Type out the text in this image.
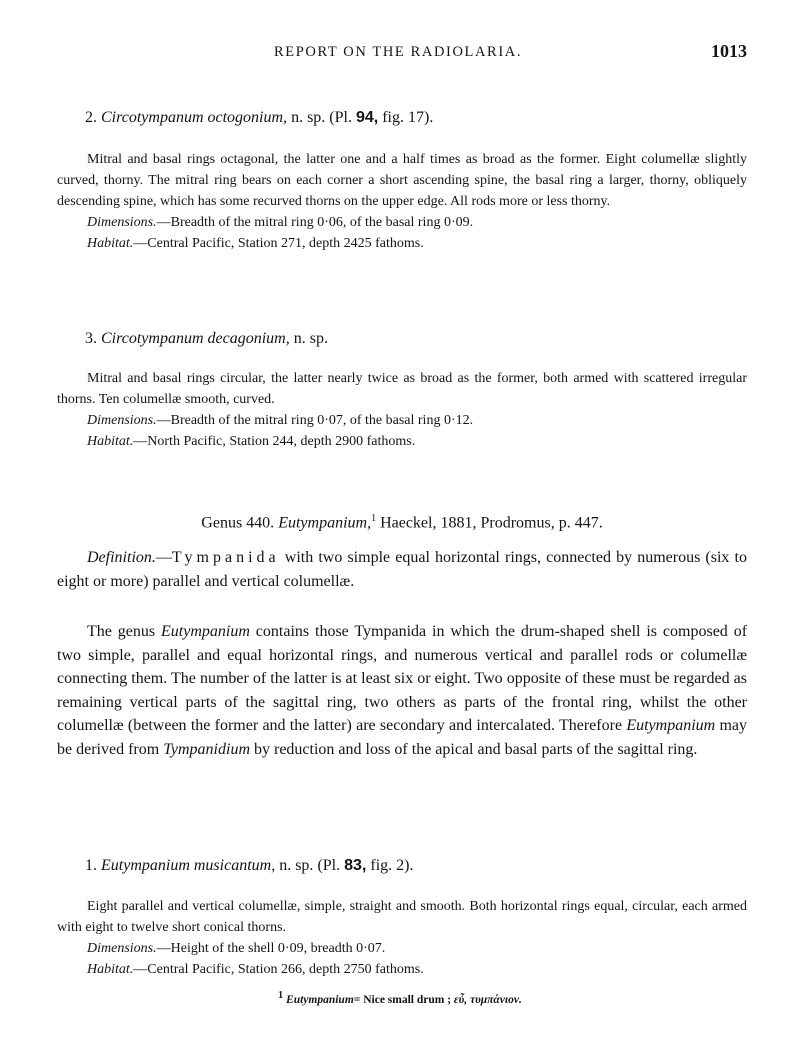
REPORT ON THE RADIOLARIA.	1013

2. Circotympanum octogonium, n. sp. (Pl. 94, fig. 17).

Mitral and basal rings octagonal, the latter one and a half times as broad as the former. Eight columellæ slightly curved, thorny. The mitral ring bears on each corner a short ascending spine, the basal ring a larger, thorny, obliquely descending spine, which has some recurved thorns on the upper edge. All rods more or less thorny.

Dimensions.—Breadth of the mitral ring 0·06, of the basal ring 0·09.

Habitat.—Central Pacific, Station 271, depth 2425 fathoms.

3. Circotympanum decagonium, n. sp.

Mitral and basal rings circular, the latter nearly twice as broad as the former, both armed with scattered irregular thorns. Ten columellæ smooth, curved.

Dimensions.—Breadth of the mitral ring 0·07, of the basal ring 0·12.

Habitat.—North Pacific, Station 244, depth 2900 fathoms.

Genus 440. Eutympanium,$^1$ Haeckel, 1881, Prodromus, p. 447.

Definition.—Tympanida with two simple equal horizontal rings, connected by numerous (six to eight or more) parallel and vertical columellæ.

The genus Eutympanium contains those Tympanida in which the drum-shaped shell is composed of two simple, parallel and equal horizontal rings, and numerous vertical and parallel rods or columellæ connecting them. The number of the latter is at least six or eight. Two opposite of these must be regarded as remaining vertical parts of the sagittal ring, two others as parts of the frontal ring, whilst the other columellæ (between the former and the latter) are secondary and intercalated. Therefore Eutympanium may be derived from Tympanidium by reduction and loss of the apical and basal parts of the sagittal ring.

1. Eutympanium musicantum, n. sp. (Pl. 83, fig. 2).

Eight parallel and vertical columellæ, simple, straight and smooth. Both horizontal rings equal, circular, each armed with eight to twelve short conical thorns.

Dimensions.—Height of the shell 0·09, breadth 0·07.

Habitat.—Central Pacific, Station 266, depth 2750 fathoms.

$^1$ Eutympanium= Nice small drum ; εὖ, τυμπάνιον.
